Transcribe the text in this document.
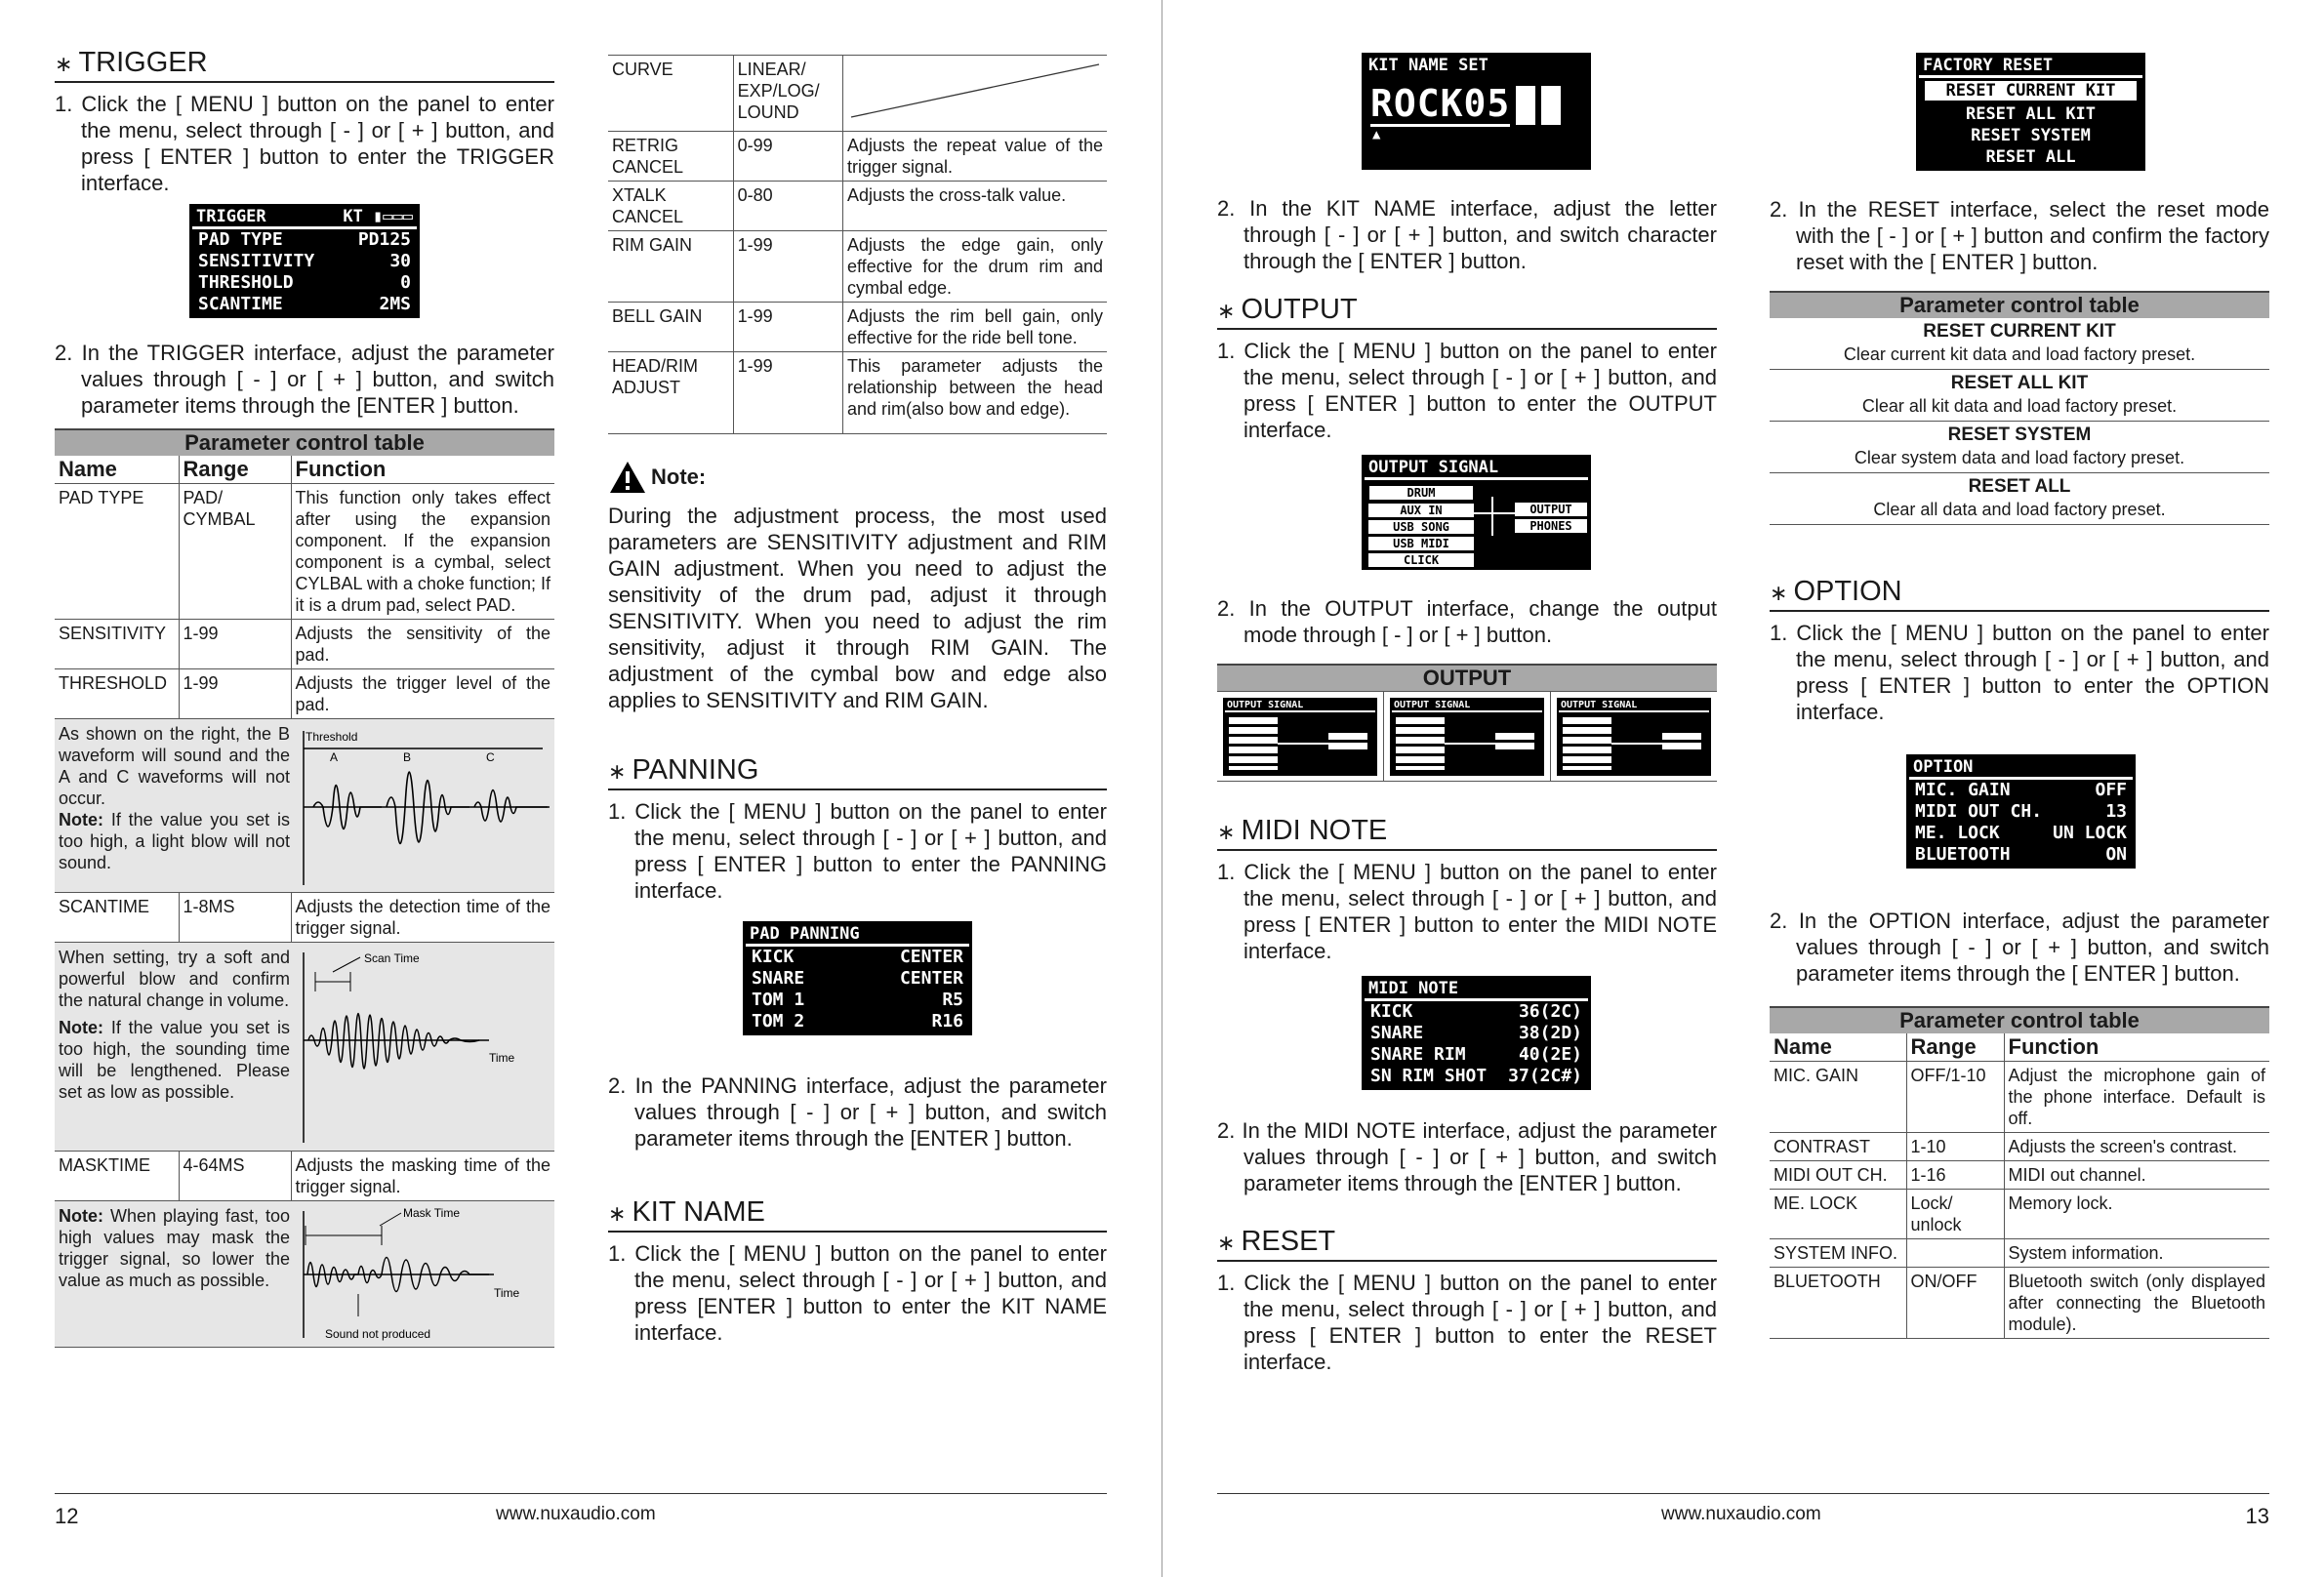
∗ TRIGGER
1. Click the [ MENU ] button on the panel to enter the menu, select through [ - ] or [ + ] button, and press [ ENTER ] button to enter the TRIGGER interface.
TRIGGER	KT ▮▭▭▭
PAD TYPE	PD125
SENSITIVITY	30
THRESHOLD	0
SCANTIME	2MS
2. In the TRIGGER interface, adjust the parameter values through [ - ] or [ + ] button, and switch parameter items through the [ENTER ] button.
Parameter control table
Name	Range	Function
PAD TYPE	PAD/ CYMBAL	This function only takes effect after using the expansion component. If the expansion component is a cymbal, select CYLBAL with a choke function; If it is a drum pad, select PAD.
SENSITIVITY	1-99	Adjusts the sensitivity of the pad.
THRESHOLD	1-99	Adjusts the trigger level of the pad.
As shown on the right, the B waveform will sound and the A and C waveforms will not occur.
Note: If the value you set is too high, a light blow will not sound.
Threshold
A	B	C
SCANTIME	1-8MS	Adjusts the detection time of the trigger signal.
When setting, try a soft and powerful blow and confirm the natural change in volume.
Note: If the value you set is too high, the sounding time will be lengthened. Please set as low as possible.
Scan Time
Time
MASKTIME	4-64MS	Adjusts the masking time of the trigger signal.
Note: When playing fast, too high values may mask the trigger signal, so lower the value as much as possible.
Mask Time
Time
Sound not produced
CURVE	LINEAR/ EXP/LOG/ LOUND	
RETRIG CANCEL	0-99	Adjusts the repeat value of the trigger signal.
XTALK CANCEL	0-80	Adjusts the cross-talk value.
RIM GAIN	1-99	Adjusts the edge gain, only effective for the drum rim and cymbal edge.
BELL GAIN	1-99	Adjusts the rim bell gain, only effective for the ride bell tone.
HEAD/RIM ADJUST	1-99	This parameter adjusts the relationship between the head and rim(also bow and edge).
Note:
During the adjustment process, the most used parameters are SENSITIVITY adjustment and RIM GAIN adjustment. When you need to adjust the sensitivity of the drum pad, adjust it through SENSITIVITY. When you need to adjust the rim sensitivity, adjust it through RIM GAIN. The adjustment of the cymbal bow and edge also applies to SENSITIVITY and RIM GAIN.
∗ PANNING
1. Click the [ MENU ] button on the panel to enter the menu, select through [ - ] or [ + ] button, and press [ ENTER ] button to enter the PANNING interface.
PAD PANNING
KICK	CENTER
SNARE	CENTER
TOM 1	R5
TOM 2	R16
2. In the PANNING interface, adjust the parameter values through [ - ] or [ + ] button, and switch parameter items through the [ENTER ] button.
∗ KIT NAME
1. Click the [ MENU ] button on the panel to enter the menu, select through [ - ] or [ + ] button, and press [ENTER ] button to enter the KIT NAME interface.
12	www.nuxaudio.com
KIT NAME SET
ROCK05
▲
2. In the KIT NAME interface, adjust the letter through [ - ] or [ + ] button, and switch character through the [ ENTER ] button.
∗ OUTPUT
1. Click the [ MENU ] button on the panel to enter the menu, select through [ - ] or [ + ] button, and press [ ENTER ] button to enter the OUTPUT interface.
OUTPUT SIGNAL
DRUM
AUX IN
USB SONG
USB MIDI
CLICK
OUTPUT
PHONES
2. In the OUTPUT interface, change the output mode through [ - ] or [ + ] button.
OUTPUT
OUTPUT SIGNAL	OUTPUT SIGNAL	OUTPUT SIGNAL
∗ MIDI NOTE
1. Click the [ MENU ] button on the panel to enter the menu, select through [ - ] or [ + ] button, and press [ ENTER ] button to enter the MIDI NOTE interface.
MIDI NOTE
KICK	36(2C)
SNARE	38(2D)
SNARE RIM	40(2E)
SN RIM SHOT 37(2C#)
2. In the MIDI NOTE interface, adjust the parameter values through [ - ] or [ + ] button, and switch parameter items through the [ENTER ] button.
∗ RESET
1. Click the [ MENU ] button on the panel to enter the menu, select through [ - ] or [ + ] button, and press [ ENTER ] button to enter the RESET interface.
FACTORY RESET
RESET CURRENT KIT
RESET ALL KIT
RESET SYSTEM
RESET ALL
2. In the RESET interface, select the reset mode with the [ - ] or [ + ] button and confirm the factory reset with the [ ENTER ] button.
Parameter control table
RESET CURRENT KIT
Clear current kit data and load factory preset.
RESET ALL KIT
Clear all kit data and load factory preset.
RESET SYSTEM
Clear system data and load factory preset.
RESET ALL
Clear all data and load factory preset.
∗ OPTION
1. Click the [ MENU ] button on the panel to enter the menu, select through [ - ] or [ + ] button, and press [ ENTER ] button to enter the OPTION interface.
OPTION
MIC. GAIN	OFF
MIDI OUT CH.	13
ME. LOCK	UN LOCK
BLUETOOTH	ON
2. In the OPTION interface, adjust the parameter values through [ - ] or [ + ] button, and switch parameter items through the [ ENTER ] button.
Parameter control table
Name	Range	Function
MIC. GAIN	OFF/1-10	Adjust the microphone gain of the phone interface. Default is off.
CONTRAST	1-10	Adjusts the screen's contrast.
MIDI OUT CH.	1-16	MIDI out channel.
ME. LOCK	Lock/ unlock	Memory lock.
SYSTEM INFO.		System information.
BLUETOOTH	ON/OFF	Bluetooth switch (only displayed after connecting the Bluetooth module).
www.nuxaudio.com	13
